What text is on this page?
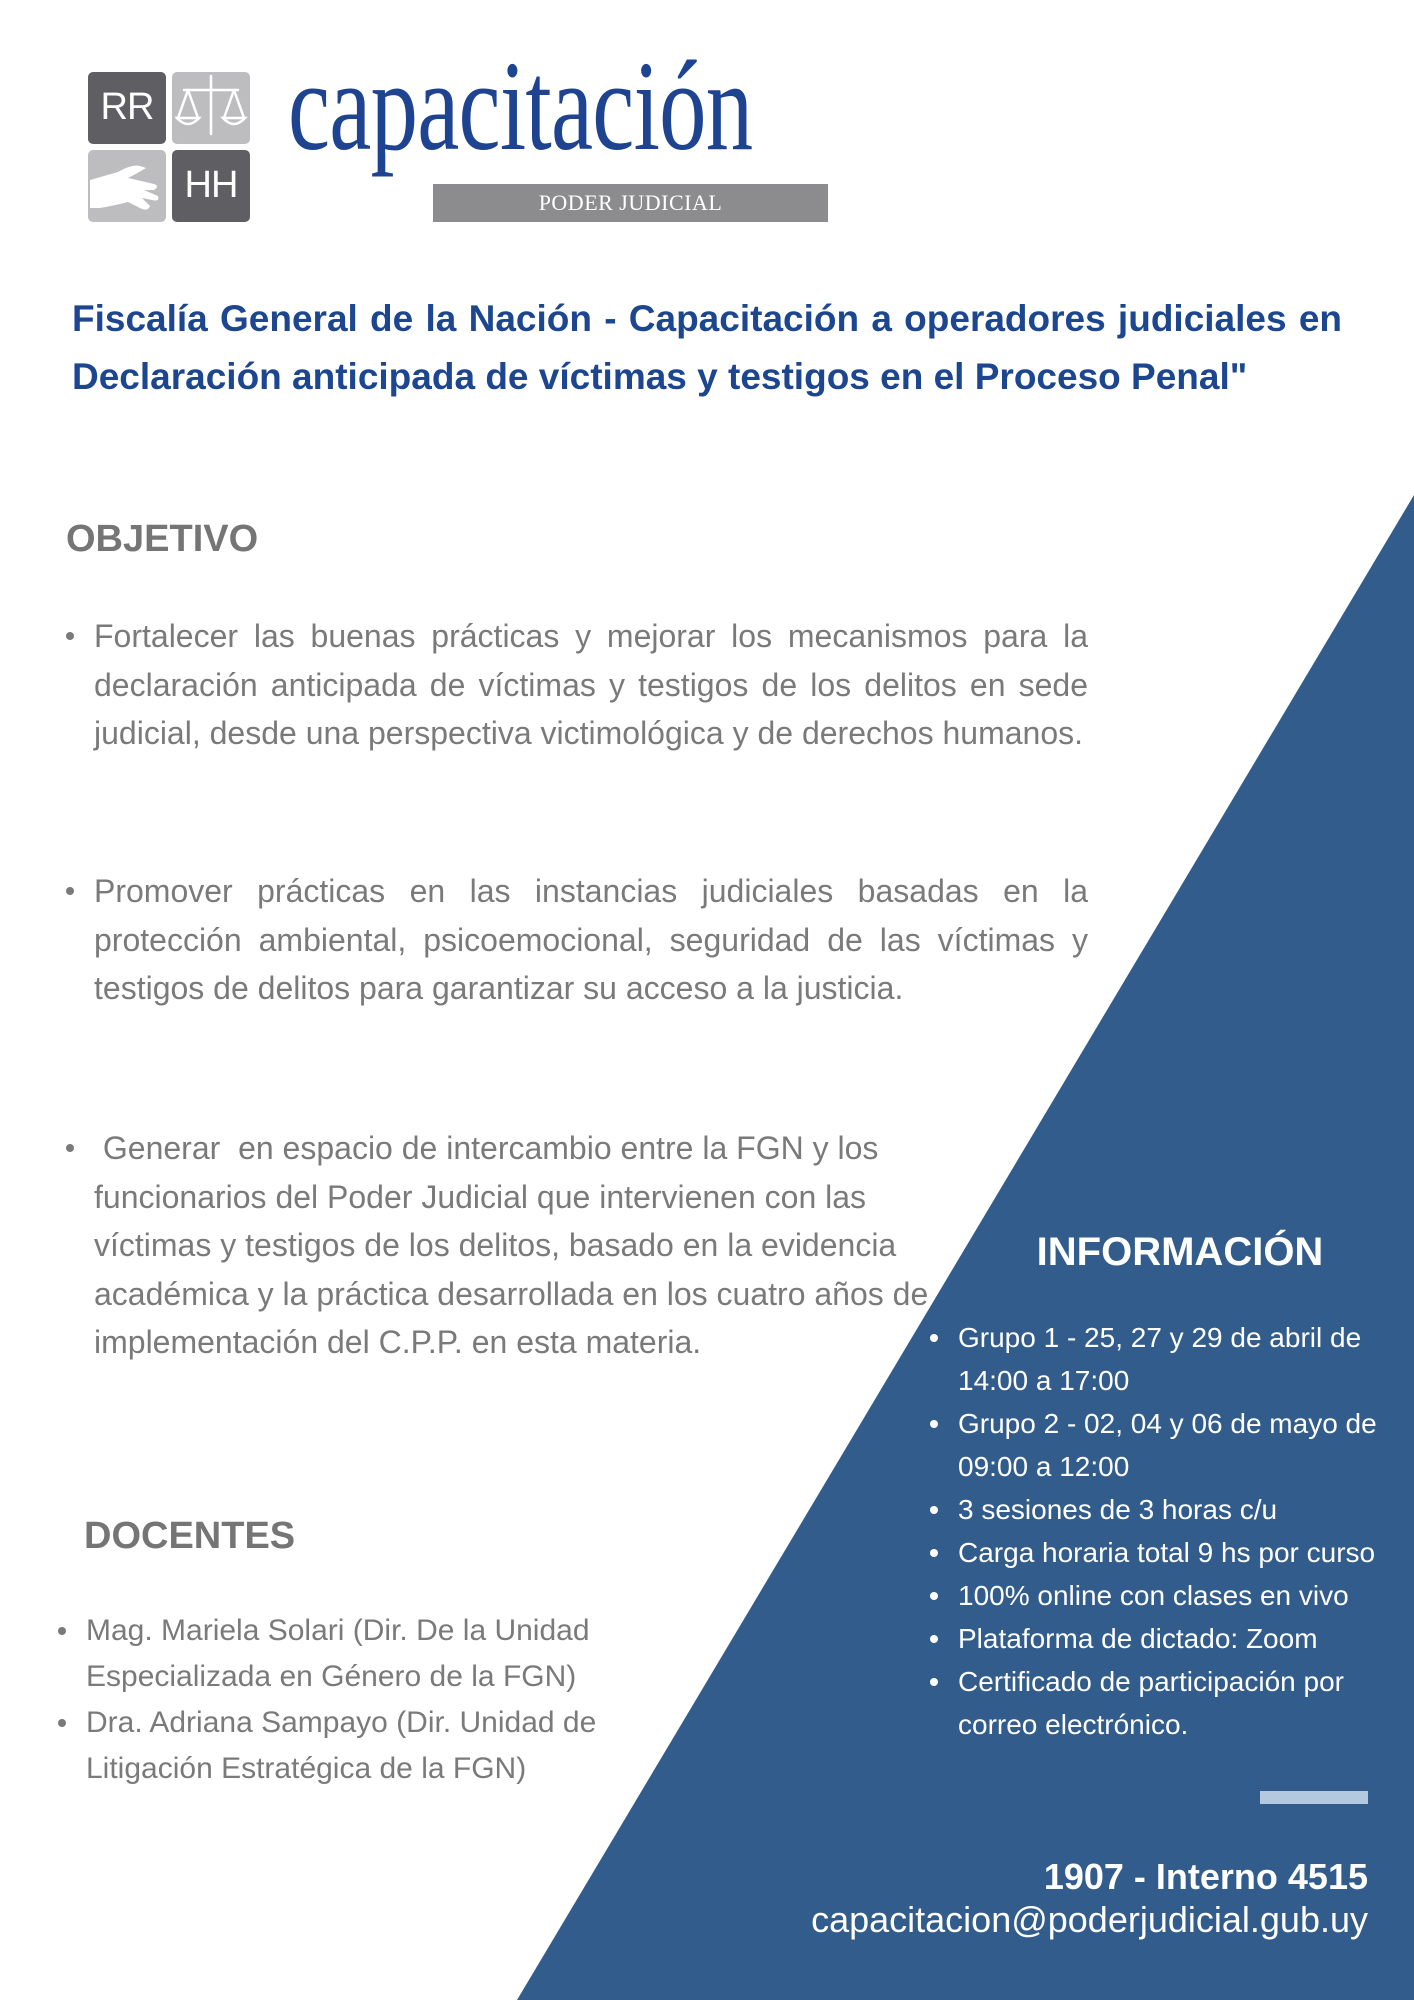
RR
HH
capacitación
PODER JUDICIAL
Fiscalía General de la Nación - Capacitación a operadores judiciales en Declaración anticipada de víctimas y testigos en el Proceso Penal"
OBJETIVO
Fortalecer las buenas prácticas y mejorar los mecanismos para la declaración anticipada de víctimas y testigos de los delitos en sede judicial, desde una perspectiva victimológica y de derechos humanos.
Promover prácticas en las instancias judiciales basadas en la protección ambiental, psicoemocional, seguridad de las víctimas y testigos de delitos para garantizar su acceso a la justicia.
Generar  en espacio de intercambio entre la FGN y los funcionarios del Poder Judicial que intervienen con las víctimas y testigos de los delitos, basado en la evidencia académica y la práctica desarrollada en los cuatro años de implementación del C.P.P. en esta materia.
DOCENTES
Mag. Mariela Solari (Dir. De la Unidad Especializada en Género de la FGN)
Dra. Adriana Sampayo (Dir. Unidad de Litigación Estratégica de la FGN)
INFORMACIÓN
Grupo 1 - 25, 27 y 29 de abril de 14:00 a 17:00
Grupo 2 - 02, 04 y 06 de mayo de 09:00 a 12:00
3 sesiones de 3 horas c/u
Carga horaria total 9 hs por curso
100% online con clases en vivo
Plataforma de dictado: Zoom
Certificado de participación por correo electrónico.
1907 - Interno 4515
capacitacion@poderjudicial.gub.uy
